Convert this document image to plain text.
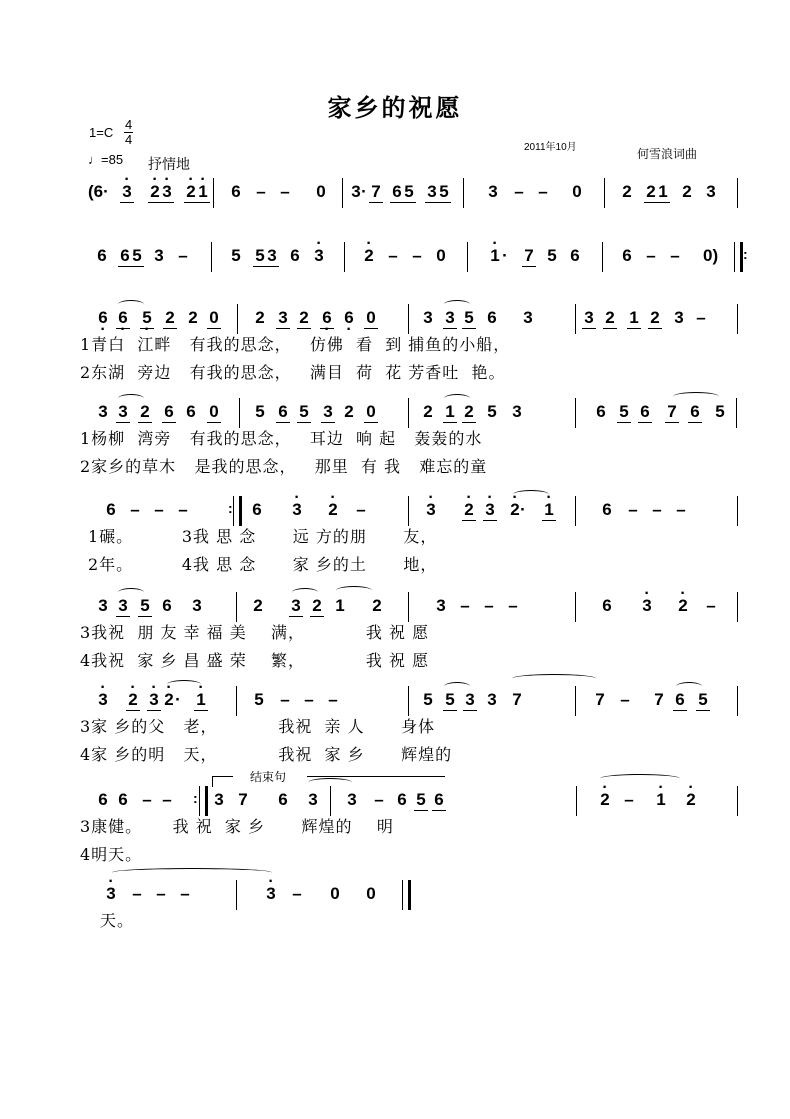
家乡的祝愿
$1=C \frac{4}{4}$
♩=85 抒情地
2011年10月	何雪浪词曲
(6· · 3 · 2 · 3 · 2 · 1 6 – – 0 3 · 7 6 5 3 5 3 – – 0 2 2 1 2 3
6 6 5 3 –	5 5 3 6 · 3 · 2 – – 0	· 1 · 7 5 6	6 – – 0) :
6 · 6 · 5 · 2 2 0 2 3 2 6 · 6 · 0	3 3 5 6 3	3 2 1 2 3 –
1青白  江畔   有我的思念，   仿佛  看  到 捕鱼的小船，
2东湖  旁边   有我的思念，   满目  荷  花 芳香吐  艳。
3 3 2 6 6 0 5 6 5 3 2 0	2 1 2 5 3	6 5 6 7 6 5
1杨柳  湾旁   有我的思念，   耳边  响 起   轰轰的水
2家乡的草木   是我的思念，   那里  有 我   难忘的童
6 – – –	: 6 · 3 · 2 –	· 3 · 2 · 3 · 2 · · 1	6 – – –
1碾。        3我 思 念      远 方的朋      友，
2年。        4我 思 念      家 乡的土      地，
3 3 5 6 3	2 3 2 1 2	3 – – –	6 · 3 · 2 –
3我祝  朋 友 幸 福 美    满，          我 祝 愿
4我祝  家 乡 昌 盛 荣    繁，          我 祝 愿
· 3 · 2 · 3 · 2 · · 1	5 – – –	5 5 3 3 7	7 – 7 6 5
3家 乡的父   老，          我祝  亲 人      身体
4家 乡的明   天，          我祝  家 乡      辉煌的
结束句
6 6 – – : 3 7 6 3 3 – 6 5 6	· 2 – · 1 · 2
3康健。     我 祝  家 乡      辉煌的    明
4明天。
· 3 – – –	· 3 – 0 0
天。
